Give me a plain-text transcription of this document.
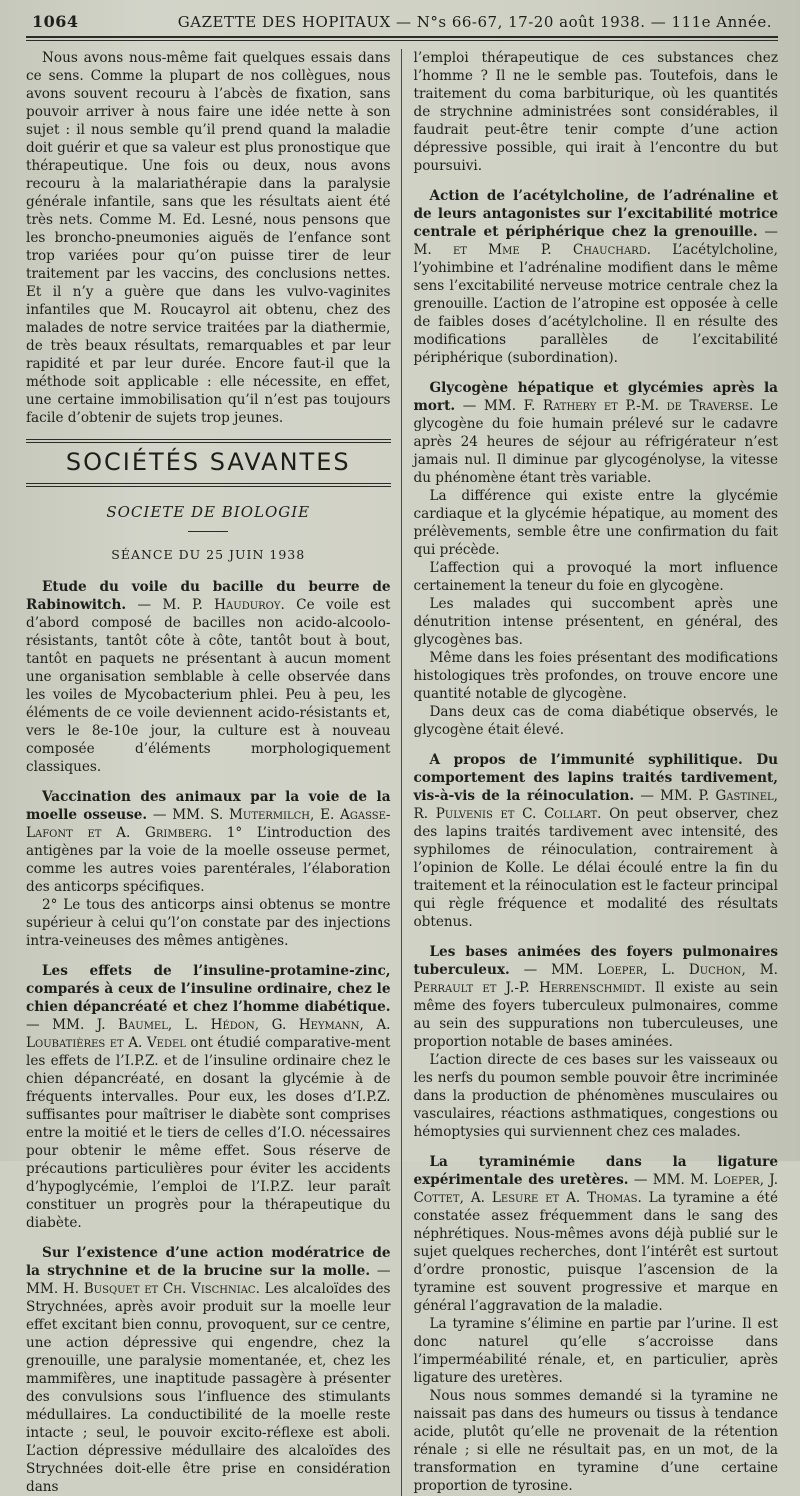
1064	GAZETTE DES HOPITAUX — N°s 66-67, 17-20 août 1938. — 111e Année.

Nous avons nous-même fait quelques essais dans ce sens. Comme la plupart de nos collègues, nous avons souvent recouru à l’abcès de fixation, sans pouvoir arriver à nous faire une idée nette à son sujet : il nous semble qu’il prend quand la maladie doit guérir et que sa valeur est plus pronostique que thérapeutique. Une fois ou deux, nous avons recouru à la malariathérapie dans la paralysie générale infantile, sans que les résultats aient été très nets. Comme M. Ed. Lesné, nous pensons que les broncho-pneumonies aiguës de l’enfance sont trop variées pour qu’on puisse tirer de leur traitement par les vaccins, des conclusions nettes. Et il n’y a guère que dans les vulvo-vaginites infantiles que M. Roucayrol ait obtenu, chez des malades de notre service traitées par la diathermie, de très beaux résultats, remarquables et par leur rapidité et par leur durée. Encore faut-il que la méthode soit applicable : elle nécessite, en effet, une certaine immobilisation qu’il n’est pas toujours facile d’obtenir de sujets trop jeunes.

SOCIÉTÉS SAVANTES
SOCIETE DE BIOLOGIE
SÉANCE DU 25 JUIN 1938

Etude du voile du bacille du beurre de Rabinowitch. — M. P. Hauduroy. Ce voile est d’abord composé de bacilles non acido-alcoolo-résistants, tantôt côte à côte, tantôt bout à bout, tantôt en paquets ne présentant à aucun moment une organisation semblable à celle observée dans les voiles de Mycobacterium phlei. Peu à peu, les éléments de ce voile deviennent acido-résistants et, vers le 8e-10e jour, la culture est à nouveau composée d’éléments morphologiquement classiques.

Vaccination des animaux par la voie de la moelle osseuse. — MM. S. Mutermilch, E. Agasse-Lafont et A. Grimberg. 1° L’introduction des antigènes par la voie de la moelle osseuse permet, comme les autres voies parentérales, l’élaboration des anticorps spécifiques.

2° Le tous des anticorps ainsi obtenus se montre supérieur à celui qu’l’on constate par des injections intra-veineuses des mêmes antigènes.

Les effets de l’insuline-protamine-zinc, comparés à ceux de l’insuline ordinaire, chez le chien dépancréaté et chez l’homme diabétique. — MM. J. Baumel, L. Hédon, G. Heymann, A. Loubatières et A. Vedel ont étudié comparative-ment les effets de l’I.P.Z. et de l’insuline ordinaire chez le chien dépancréaté, en dosant la glycémie à de fréquents intervalles. Pour eux, les doses d’I.P.Z. suffisantes pour maîtriser le diabète sont comprises entre la moitié et le tiers de celles d’I.O. nécessaires pour obtenir le même effet. Sous réserve de précautions particulières pour éviter les accidents d’hypoglycémie, l’emploi de l’I.P.Z. leur paraît constituer un progrès pour la thérapeutique du diabète.

Sur l’existence d’une action modératrice de la strychnine et de la brucine sur la molle. — MM. H. Busquet et Ch. Vischniac. Les alcaloïdes des Strychnées, après avoir produit sur la moelle leur effet excitant bien connu, provoquent, sur ce centre, une action dépressive qui engendre, chez la grenouille, une paralysie momentanée, et, chez les mammifères, une inaptitude passagère à présenter des convulsions sous l’influence des stimulants médullaires. La conductibilité de la moelle reste intacte ; seul, le pouvoir excito-réflexe est aboli. L’action dépressive médullaire des alcaloïdes des Strychnées doit-elle être prise en considération dans

l’emploi thérapeutique de ces substances chez l’homme ? Il ne le semble pas. Toutefois, dans le traitement du coma barbiturique, où les quantités de strychnine administrées sont considérables, il faudrait peut-être tenir compte d’une action dépressive possible, qui irait à l’encontre du but poursuivi.

Action de l’acétylcholine, de l’adrénaline et de leurs antagonistes sur l’excitabilité motrice centrale et périphérique chez la grenouille. — M. et Mme P. Chauchard. L’acétylcholine, l’yohimbine et l’adrénaline modifient dans le même sens l’excitabilité nerveuse motrice centrale chez la grenouille. L’action de l’atropine est opposée à celle de faibles doses d’acétylcholine. Il en résulte des modifications parallèles de l’excitabilité périphérique (subordination).

Glycogène hépatique et glycémies après la mort. — MM. F. Rathery et P.-M. de Traverse. Le glycogène du foie humain prélevé sur le cadavre après 24 heures de séjour au réfrigérateur n’est jamais nul. Il diminue par glycogénolyse, la vitesse du phénomène étant très variable.

La différence qui existe entre la glycémie cardiaque et la glycémie hépatique, au moment des prélèvements, semble être une confirmation du fait qui précède.

L’affection qui a provoqué la mort influence certainement la teneur du foie en glycogène.

Les malades qui succombent après une dénutrition intense présentent, en général, des glycogènes bas.

Même dans les foies présentant des modifications histologiques très profondes, on trouve encore une quantité notable de glycogène.

Dans deux cas de coma diabétique observés, le glycogène était élevé.

A propos de l’immunité syphilitique. Du comportement des lapins traités tardivement, vis-à-vis de la réinoculation. — MM. P. Gastinel, R. Pulvenis et C. Collart. On peut observer, chez des lapins traités tardivement avec intensité, des syphilomes de réinoculation, contrairement à l’opinion de Kolle. Le délai écoulé entre la fin du traitement et la réinoculation est le facteur principal qui règle fréquence et modalité des résultats obtenus.

Les bases animées des foyers pulmonaires tuberculeux. — MM. Loeper, L. Duchon, M. Perrault et J.-P. Herrenschmidt. Il existe au sein même des foyers tuberculeux pulmonaires, comme au sein des suppurations non tuberculeuses, une proportion notable de bases aminées.

L’action directe de ces bases sur les vaisseaux ou les nerfs du poumon semble pouvoir être incriminée dans la production de phénomènes musculaires ou vasculaires, réactions asthmatiques, congestions ou hémoptysies qui surviennent chez ces malades.

La tyraminémie dans la ligature expérimentale des uretères. — MM. M. Loeper, J. Cottet, A. Lesure et A. Thomas. La tyramine a été constatée assez fréquemment dans le sang des néphrétiques. Nous-mêmes avons déjà publié sur le sujet quelques recherches, dont l’intérêt est surtout d’ordre pronostic, puisque l’ascension de la tyramine est souvent progressive et marque en général l’aggravation de la maladie.

La tyramine s’élimine en partie par l’urine. Il est donc naturel qu’elle s’accroisse dans l’imperméabilité rénale, et, en particulier, après ligature des uretères.

Nous nous sommes demandé si la tyramine ne naissait pas dans des humeurs ou tissus à tendance acide, plutôt qu’elle ne provenait de la rétention rénale ; si elle ne résultait pas, en un mot, de la transformation en tyramine d’une certaine proportion de tyrosine.
